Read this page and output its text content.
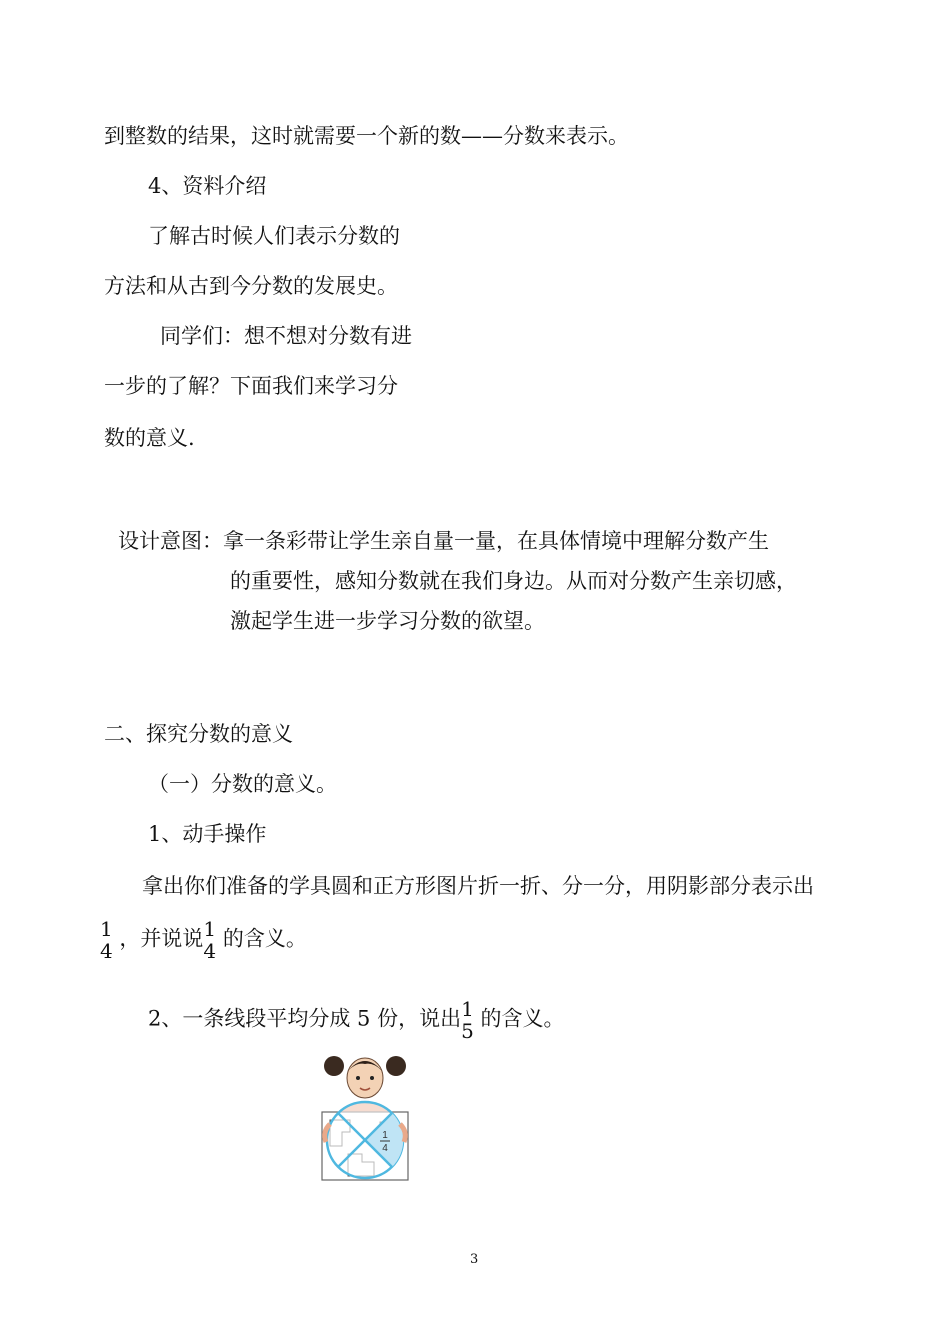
到整数的结果，这时就需要一个新的数——分数来表示。
4、资料介绍
了解古时候人们表示分数的
方法和从古到今分数的发展史。
同学们：想不想对分数有进
一步的了解？下面我们来学习分
数的意义.
设计意图：拿一条彩带让学生亲自量一量，在具体情境中理解分数产生
的重要性，感知分数就在我们身边。从而对分数产生亲切感，
激起学生进一步学习分数的欲望。
二、探究分数的意义
（一）分数的意义。
1、动手操作
拿出你们准备的学具圆和正方形图片折一折、分一分，用阴影部分表示出
1
4
，并说说 1
4
的含义。
2、一条线段平均分成 5 份，说出 1
5
的含义。
1
4
3
